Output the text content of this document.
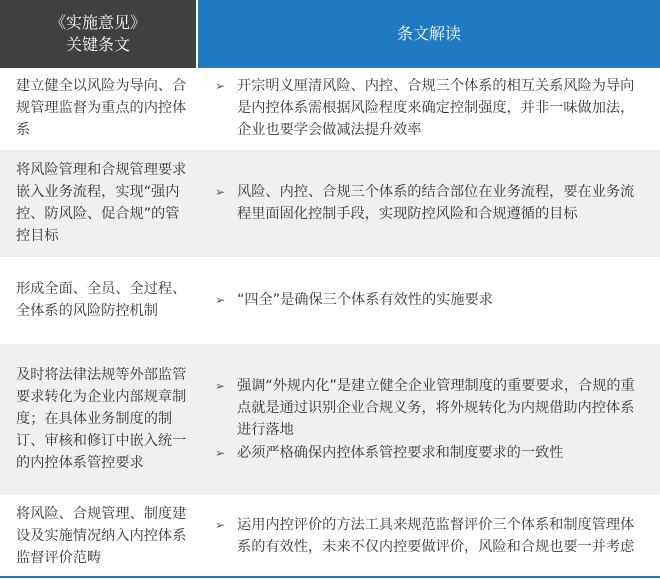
《实施意见》
关键条文	条文解读
建立健全以风险为导向、合规管理监督为重点的内控体系	➢ 开宗明义厘清风险、内控、合规三个体系的相互关系风险为导向是内控体系需根据风险程度来确定控制强度，并非一味做加法，企业也要学会做减法提升效率

将风险管理和合规管理要求嵌入业务流程，实现“强内控、防风险、促合规”的管控目标	➢ 风险、内控、合规三个体系的结合部位在业务流程，要在业务流程里面固化控制手段，实现防控风险和合规遵循的目标

形成全面、全员、全过程、全体系的风险防控机制	➢ “四全”是确保三个体系有效性的实施要求

及时将法律法规等外部监管要求转化为企业内部规章制度；在具体业务制度的制订、审核和修订中嵌入统一的内控体系管控要求	➢ 强调“外规内化”是建立健全企业管理制度的重要要求，合规的重点就是通过识别企业合规义务，将外规转化为内规借助内控体系进行落地
➢ 必须严格确保内控体系管控要求和制度要求的一致性

将风险、合规管理、制度建设及实施情况纳入内控体系监督评价范畴	➢ 运用内控评价的方法工具来规范监督评价三个体系和制度管理体系的有效性，未来不仅内控要做评价，风险和合规也要一并考虑
